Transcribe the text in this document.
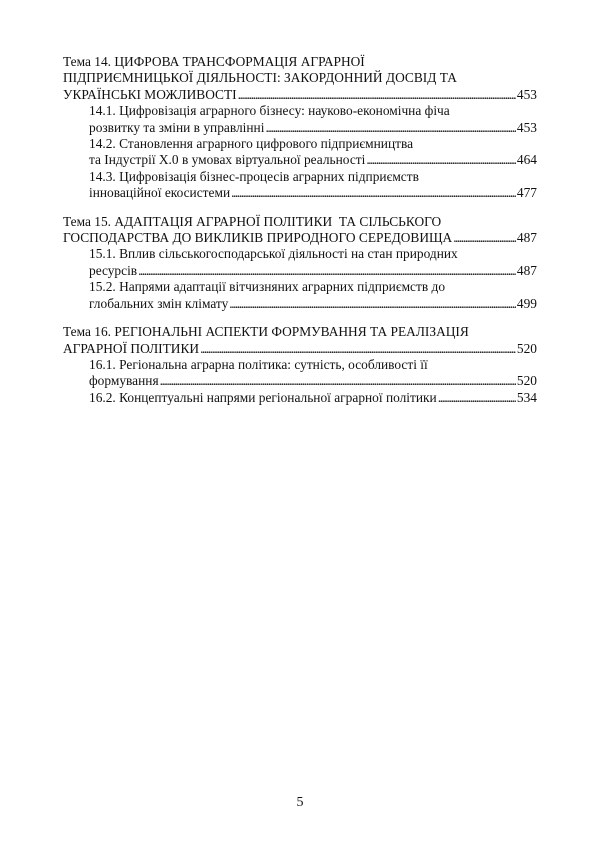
Тема 14. ЦИФРОВА ТРАНСФОРМАЦІЯ АГРАРНОЇ
ПІДПРИЄМНИЦЬКОЇ ДІЯЛЬНОСТІ: ЗАКОРДОННИЙ ДОСВІД ТА
УКРАЇНСЬКІ МОЖЛИВОСТІ . . .	453
14.1. Цифровізація аграрного бізнесу: науково-економічна фіча
розвитку та зміни в управлінні . . .	453
14.2. Становлення аграрного цифрового підприємництва
та Індустрії Х.0 в умовах віртуальної реальності . . .	464
14.3. Цифровізація бізнес-процесів аграрних підприємств
інноваційної екосистеми . . .	477
Тема 15. АДАПТАЦІЯ АГРАРНОЇ ПОЛІТИКИ  ТА СІЛЬСЬКОГО
ГОСПОДАРСТВА ДО ВИКЛИКІВ ПРИРОДНОГО СЕРЕДОВИЩА . . .	487
15.1. Вплив сільськогосподарської діяльності на стан природних
ресурсів . . .	487
15.2. Напрями адаптації вітчизняних аграрних підприємств до
глобальних змін клімату . . .	499
Тема 16. РЕГІОНАЛЬНІ АСПЕКТИ ФОРМУВАННЯ ТА РЕАЛІЗАЦІЯ
АГРАРНОЇ ПОЛІТИКИ . . .	520
16.1. Регіональна аграрна політика: сутність, особливості її
формування . . .	520
16.2. Концептуальні напрями регіональної аграрної політики . . .	534
5
